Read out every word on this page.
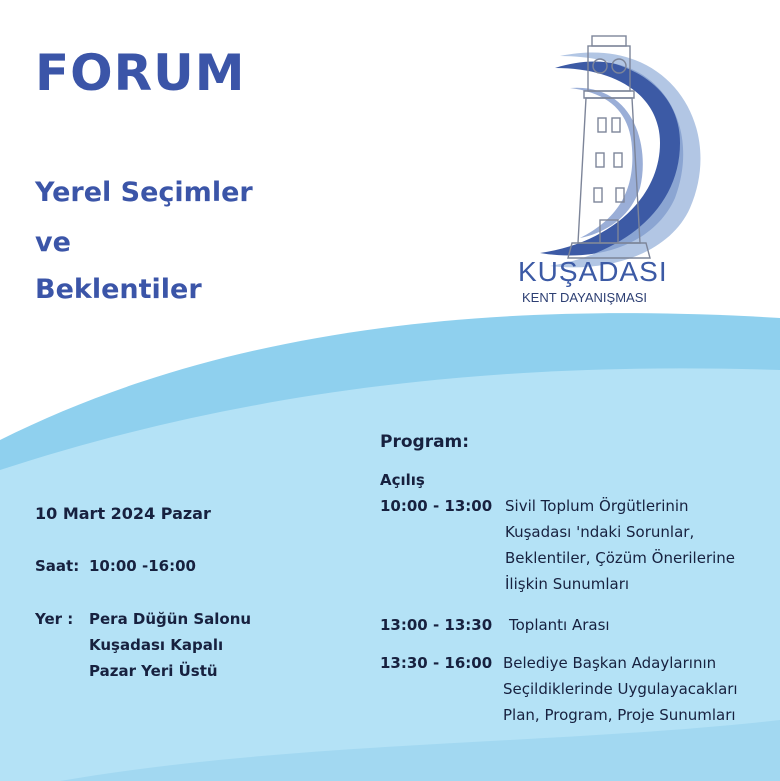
FORUM
Yerel Seçimler
ve
Beklentiler
KUŞADASI
KENT DAYANIŞMASI
10 Mart 2024 Pazar
Saat: 10:00 -16:00
Yer : Pera Düğün Salonu
Kuşadası Kapalı
Pazar Yeri Üstü
Program:
Açılış
10:00 - 13:00 Sivil Toplum Örgütlerinin
Kuşadası 'ndaki Sorunlar,
Beklentiler, Çözüm Önerilerine
İlişkin Sunumları
13:00 - 13:30 Toplantı Arası
13:30 - 16:00 Belediye Başkan Adaylarının
Seçildiklerinde Uygulayacakları
Plan, Program, Proje Sunumları
